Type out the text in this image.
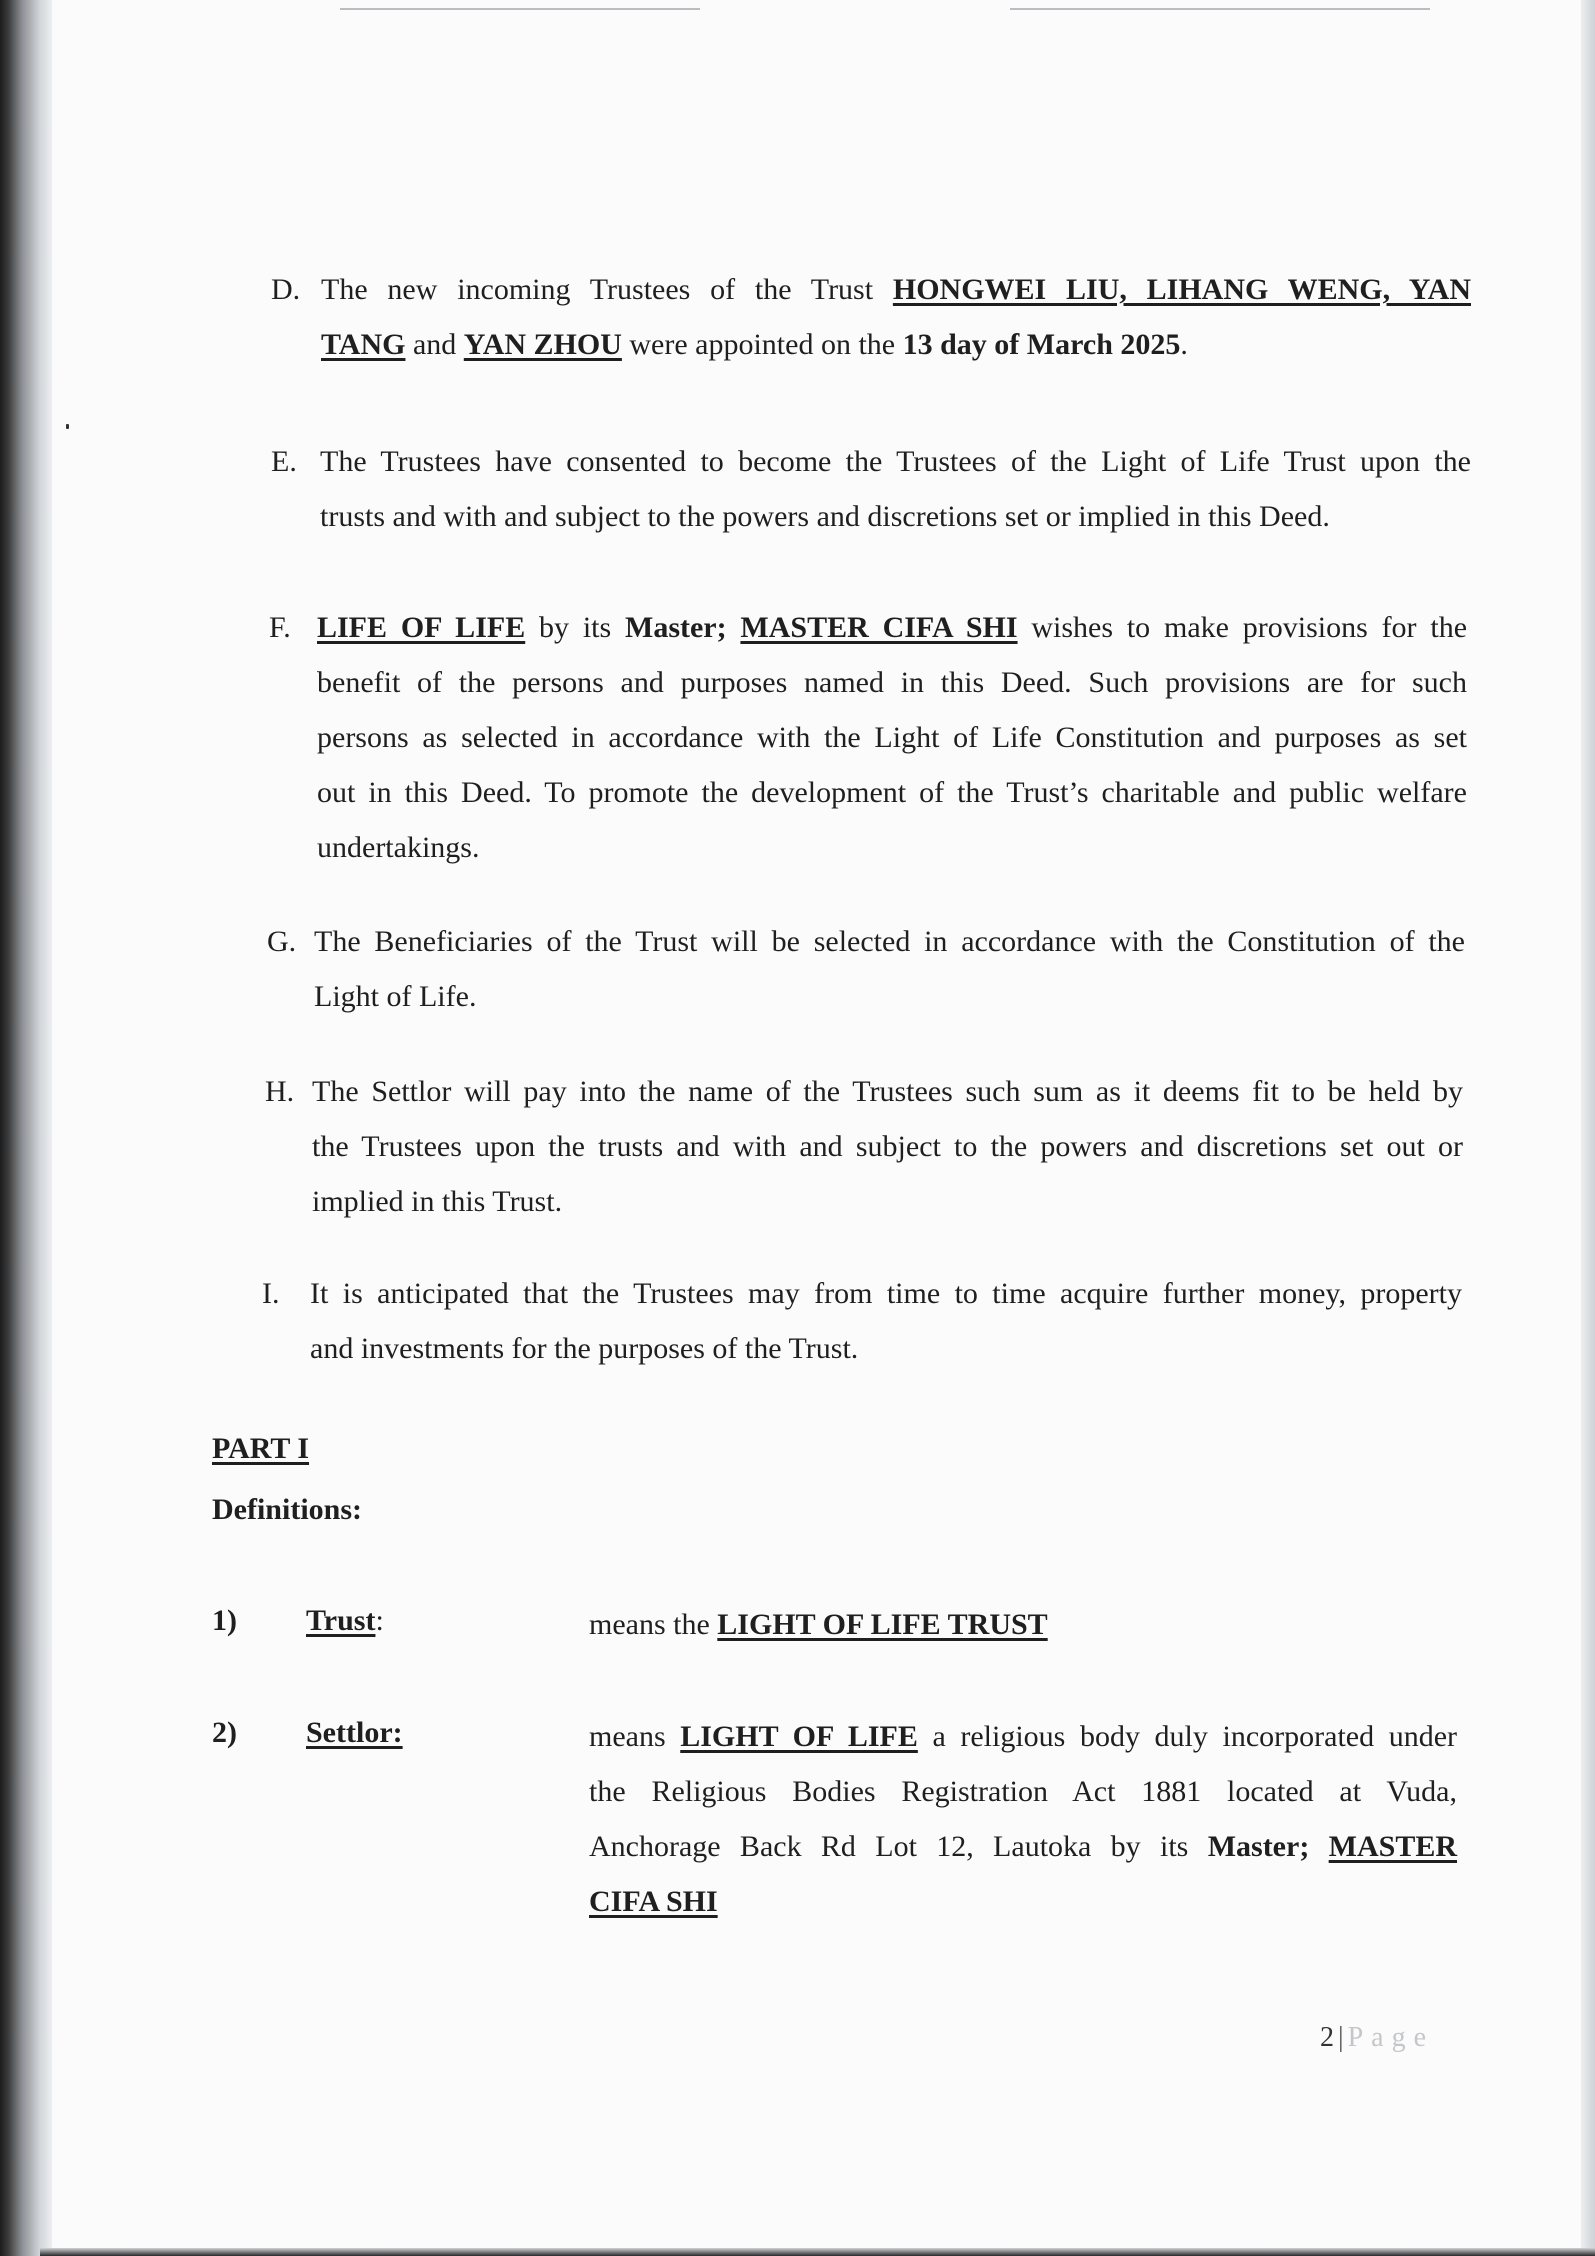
D. The new incoming Trustees of the Trust HONGWEI LIU, LIHANG WENG, YAN
TANG and YAN ZHOU were appointed on the 13 day of March 2025.
E. The Trustees have consented to become the Trustees of the Light of Life Trust upon the
trusts and with and subject to the powers and discretions set or implied in this Deed.
F. LIFE OF LIFE by its Master; MASTER CIFA SHI wishes to make provisions for the
benefit of the persons and purposes named in this Deed. Such provisions are for such
persons as selected in accordance with the Light of Life Constitution and purposes as set
out in this Deed. To promote the development of the Trust’s charitable and public welfare
undertakings.
G. The Beneficiaries of the Trust will be selected in accordance with the Constitution of the
Light of Life.
H. The Settlor will pay into the name of the Trustees such sum as it deems fit to be held by
the Trustees upon the trusts and with and subject to the powers and discretions set out or
implied in this Trust.
I. It is anticipated that the Trustees may from time to time acquire further money, property
and investments for the purposes of the Trust.
PART I
Definitions:
1) Trust:	means the LIGHT OF LIFE TRUST
2) Settlor:	means LIGHT OF LIFE a religious body duly incorporated under
the Religious Bodies Registration Act 1881 located at Vuda,
Anchorage Back Rd Lot 12, Lautoka by its Master; MASTER
CIFA SHI
2 | Page
